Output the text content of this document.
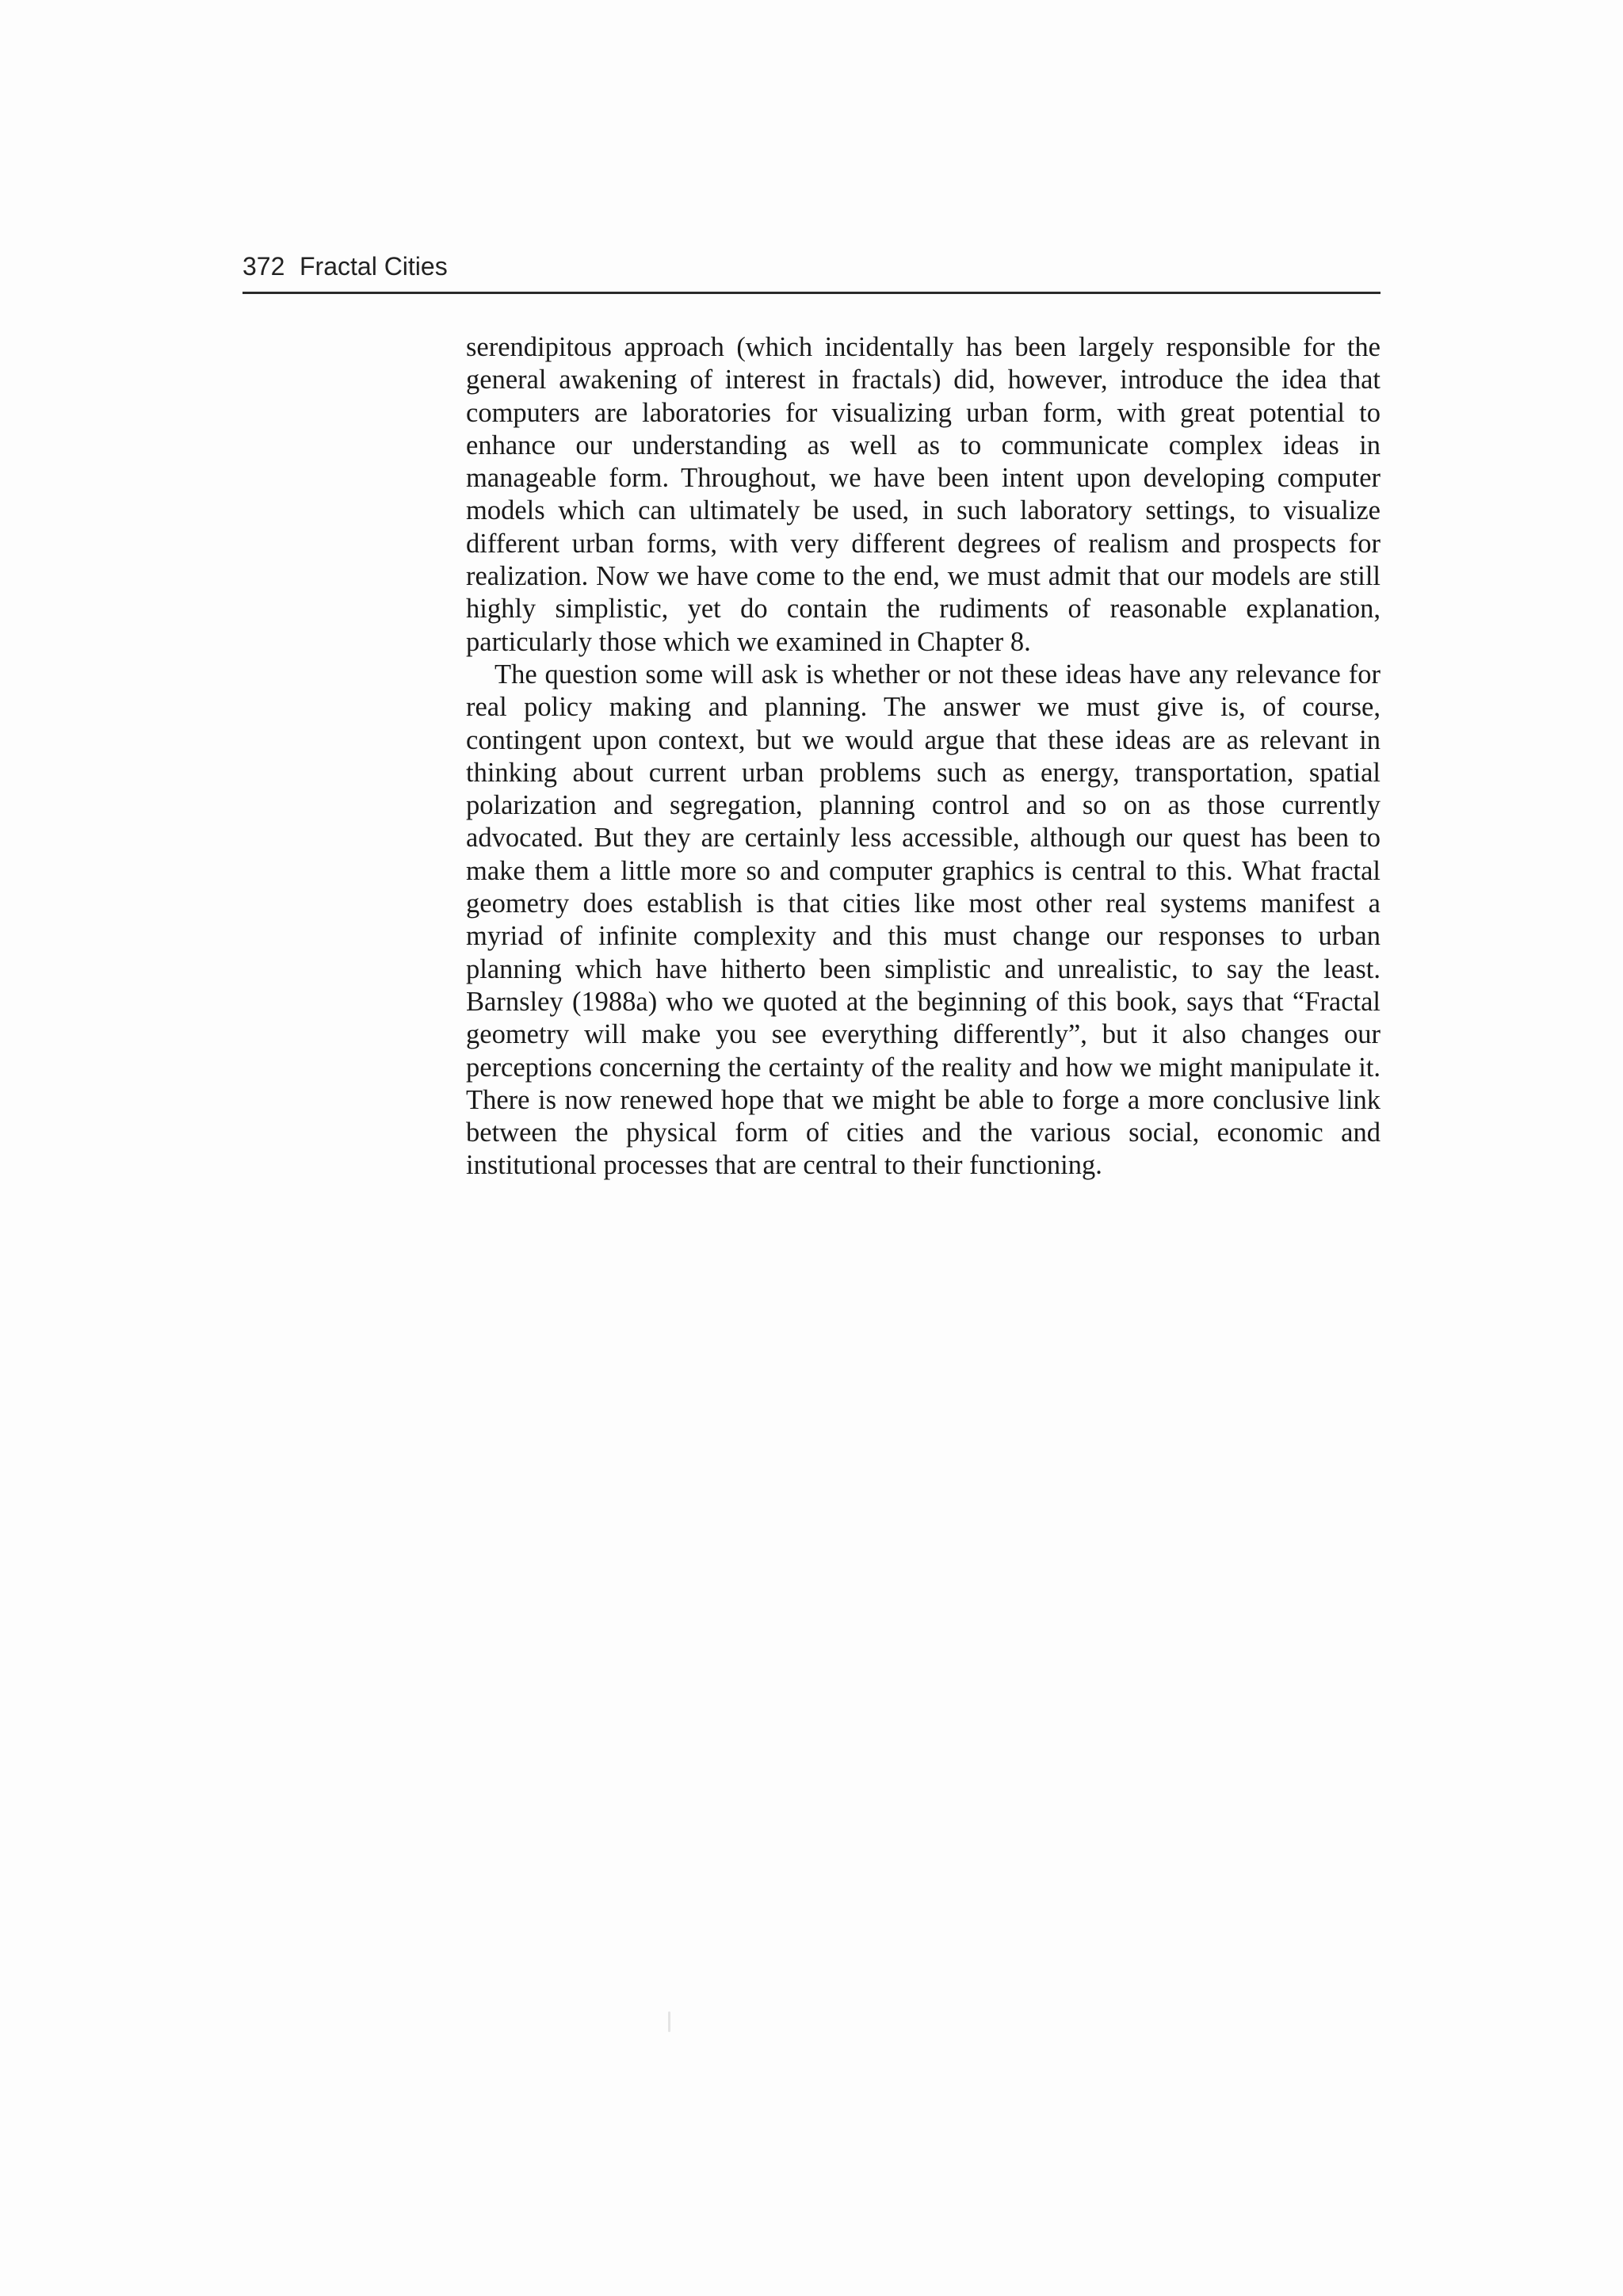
372 Fractal Cities

serendipitous approach (which incidentally has been largely responsible for the general awakening of interest in fractals) did, however, introduce the idea that computers are laboratories for visualizing urban form, with great potential to enhance our understanding as well as to communicate complex ideas in manageable form. Throughout, we have been intent upon developing computer models which can ultimately be used, in such laboratory settings, to visualize different urban forms, with very different degrees of realism and prospects for realization. Now we have come to the end, we must admit that our models are still highly simplistic, yet do contain the rudiments of reasonable explanation, particularly those which we examined in Chapter 8.

The question some will ask is whether or not these ideas have any relevance for real policy making and planning. The answer we must give is, of course, contingent upon context, but we would argue that these ideas are as relevant in thinking about current urban problems such as energy, transportation, spatial polarization and segregation, planning control and so on as those currently advocated. But they are certainly less accessible, although our quest has been to make them a little more so and computer graphics is central to this. What fractal geometry does establish is that cities like most other real systems manifest a myriad of infinite complexity and this must change our responses to urban planning which have hitherto been simplistic and unrealistic, to say the least. Barnsley (1988a) who we quoted at the beginning of this book, says that “Fractal geometry will make you see everything differently”, but it also changes our perceptions concerning the certainty of the reality and how we might manipulate it. There is now renewed hope that we might be able to forge a more conclusive link between the physical form of cities and the various social, economic and institutional processes that are central to their functioning.
